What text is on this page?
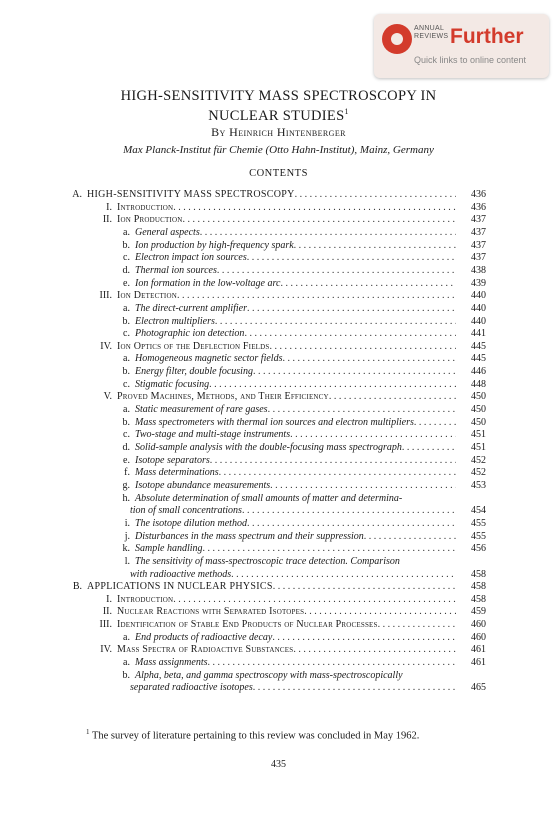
ANNUAL REVIEWS Further
Quick links to online content
HIGH-SENSITIVITY MASS SPECTROSCOPY IN
NUCLEAR STUDIES$^1$
By Heinrich Hintenberger
Max Planck-Institut für Chemie (Otto Hahn-Institut), Mainz, Germany
CONTENTS
A. HIGH-SENSITIVITY MASS SPECTROSCOPY . . .	436
I. Introduction . . .	436
II. Ion Production . . .	437
a. General aspects . . .	437
b. Ion production by high-frequency spark . . .	437
c. Electron impact ion sources . . .	437
d. Thermal ion sources . . .	438
e. Ion formation in the low-voltage arc . . .	439
III. Ion Detection . . .	440
a. The direct-current amplifier . . .	440
b. Electron multipliers . . .	440
c. Photographic ion detection . . .	441
IV. Ion Optics of the Deflection Fields . . .	445
a. Homogeneous magnetic sector fields . . .	445
b. Energy filter, double focusing . . .	446
c. Stigmatic focusing . . .	448
V. Proved Machines, Methods, and Their Efficiency . . .	450
a. Static measurement of rare gases . . .	450
b. Mass spectrometers with thermal ion sources and electron multipliers . . .	450
c. Two-stage and multi-stage instruments . . .	451
d. Solid-sample analysis with the double-focusing mass spectrograph . . .	451
e. Isotope separators . . .	452
f. Mass determinations . . .	452
g. Isotope abundance measurements . . .	453
h. Absolute determination of small amounts of matter and determina-
tion of small concentrations . . .	454
i. The isotope dilution method . . .	455
j. Disturbances in the mass spectrum and their suppression . . .	455
k. Sample handling . . .	456
l. The sensitivity of mass-spectroscopic trace detection. Comparison
with radioactive methods . . .	458
B. APPLICATIONS IN NUCLEAR PHYSICS . . .	458
I. Introduction . . .	458
II. Nuclear Reactions with Separated Isotopes . . .	459
III. Identification of Stable End Products of Nuclear Processes . . .	460
a. End products of radioactive decay . . .	460
IV. Mass Spectra of Radioactive Substances . . .	461
a. Mass assignments . . .	461
b. Alpha, beta, and gamma spectroscopy with mass-spectroscopically
separated radioactive isotopes . . .	465
$^1$ The survey of literature pertaining to this review was concluded in May 1962.
435
